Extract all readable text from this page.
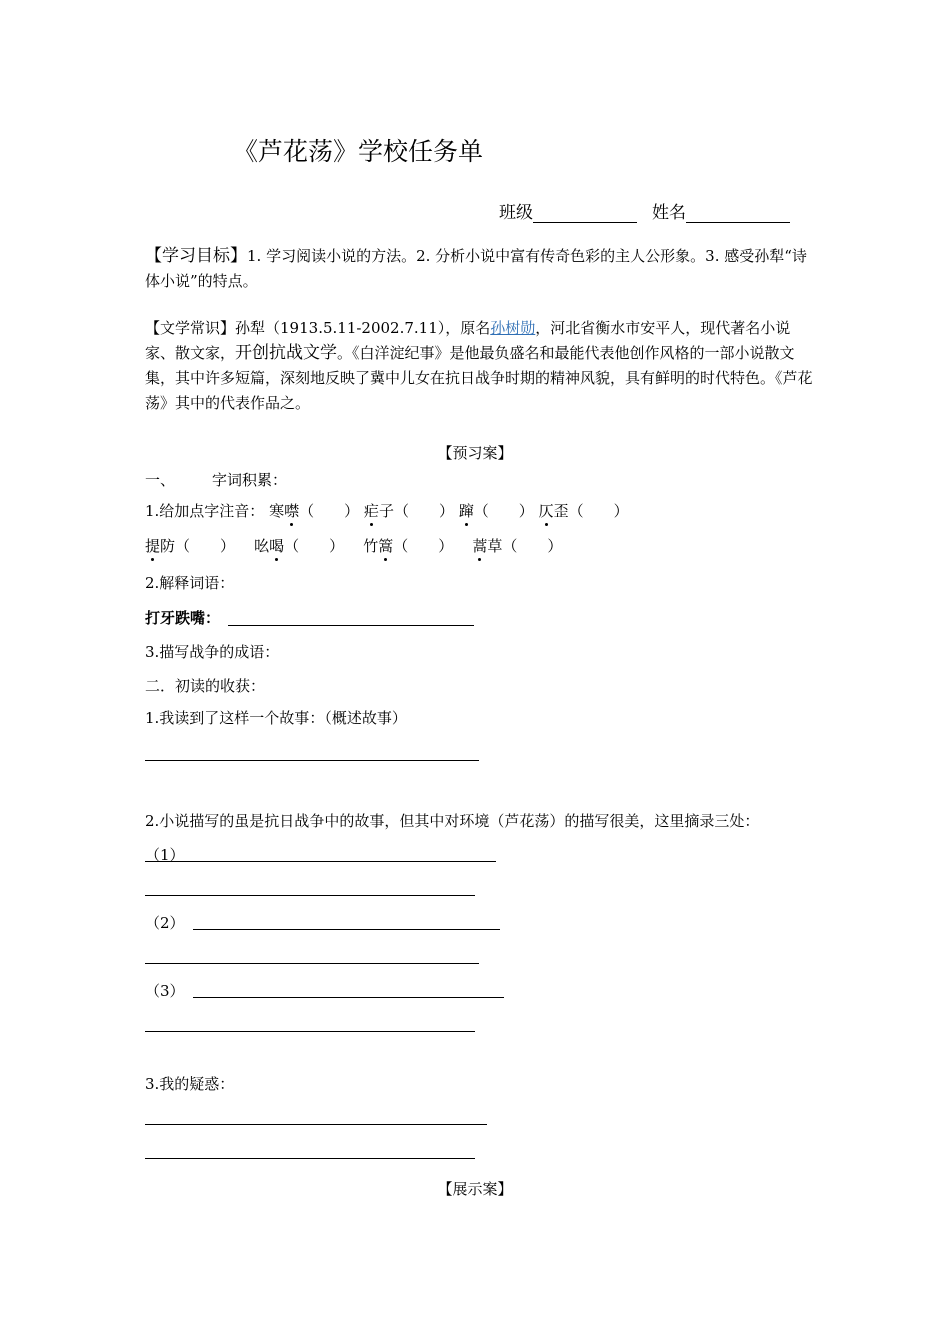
《芦花荡》学校任务单
班级	姓名
【学习目标】1. 学习阅读小说的方法。2. 分析小说中富有传奇色彩的主人公形象。3. 感受孙犁“诗体小说”的特点。
【文学常识】孙犁（1913.5.11-2002.7.11），原名孙树勋，河北省衡水市安平人，现代著名小说家、散文家，开创抗战文学。《白洋淀纪事》是他最负盛名和最能代表他创作风格的一部小说散文集，其中许多短篇，深刻地反映了冀中儿女在抗日战争时期的精神风貌，具有鲜明的时代特色。《芦花荡》其中的代表作品之。
【预习案】
一、 字词积累：
1.给加点字注音： 寒噤（　　） 疟子（　　） 蹿（　　） 仄歪（　　）
提防（　　） 吆喝（　　） 竹篙（　　） 蒿草（　　）
2.解释词语：
打牙跌嘴：
3.描写战争的成语：
二．初读的收获：
1.我读到了这样一个故事：（概述故事）
2.小说描写的虽是抗日战争中的故事，但其中对环境（芦花荡）的描写很美，这里摘录三处：
（1）
（2）
（3）
3.我的疑惑：
【展示案】
